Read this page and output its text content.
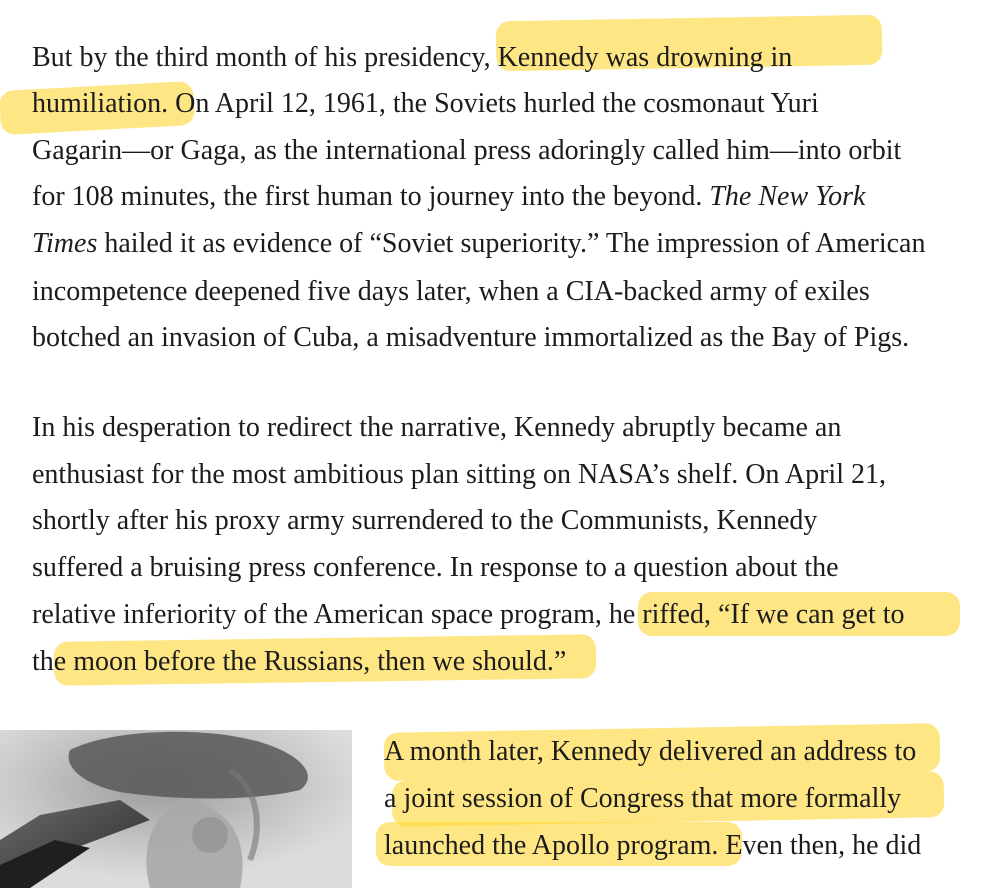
But by the third month of his presidency, Kennedy was drowning in
humiliation. On April 12, 1961, the Soviets hurled the cosmonaut Yuri
Gagarin—or Gaga, as the international press adoringly called him—into orbit
for 108 minutes, the first human to journey into the beyond. The New York
Times hailed it as evidence of “Soviet superiority.” The impression of American
incompetence deepened five days later, when a CIA-backed army of exiles
botched an invasion of Cuba, a misadventure immortalized as the Bay of Pigs.
In his desperation to redirect the narrative, Kennedy abruptly became an
enthusiast for the most ambitious plan sitting on NASA’s shelf. On April 21,
shortly after his proxy army surrendered to the Communists, Kennedy
suffered a bruising press conference. In response to a question about the
relative inferiority of the American space program, he riffed, “If we can get to
the moon before the Russians, then we should.”
A month later, Kennedy delivered an address to
a joint session of Congress that more formally
launched the Apollo program. Even then, he did
